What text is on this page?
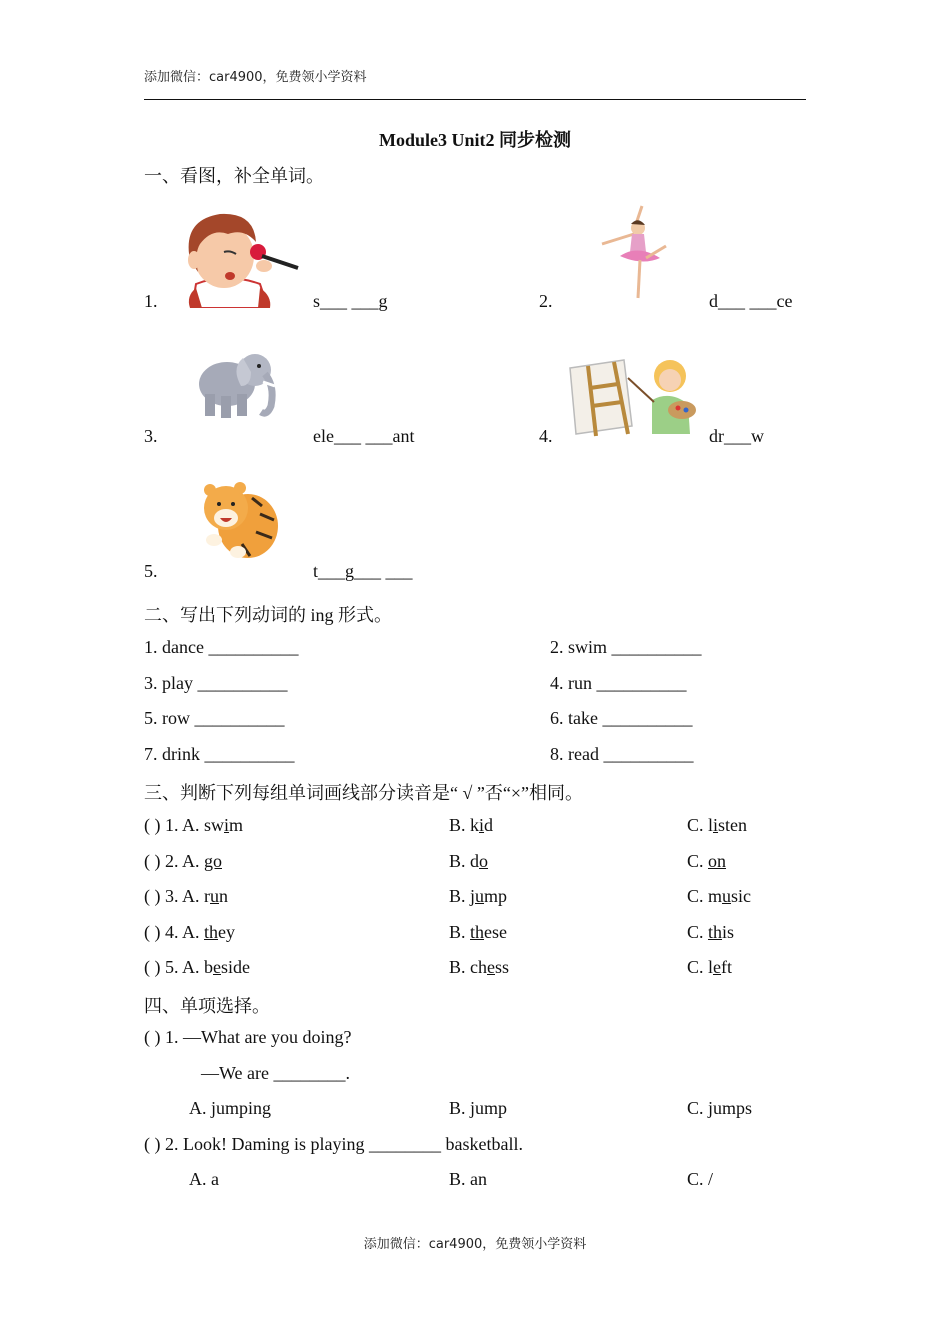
添加微信：car4900，免费领小学资料
Module3 Unit2 同步检测
一、看图，补全单词。
1.	s___ ___g	2.	d___ ___ce
3.	ele___ ___ant	4.	dr___w
5.	t___g___ ___
二、写出下列动词的 ing 形式。
1. dance __________	2. swim __________
3. play __________	4. run __________
5. row __________	6. take __________
7. drink __________	8. read __________
三、判断下列每组单词画线部分读音是“ √ ”否“×”相同。
( ) 1. A. swim	B. kid	C. listen
( ) 2. A. go	B. do	C. on
( ) 3. A. run	B. jump	C. music
( ) 4. A. they	B. these	C. this
( ) 5. A. beside	B. chess	C. left
四、单项选择。
( ) 1. —What are you doing?
—We are ________.
A. jumping	B. jump	C. jumps
( ) 2. Look! Daming is playing ________ basketball.
A. a	B. an	C. /
添加微信：car4900，免费领小学资料
